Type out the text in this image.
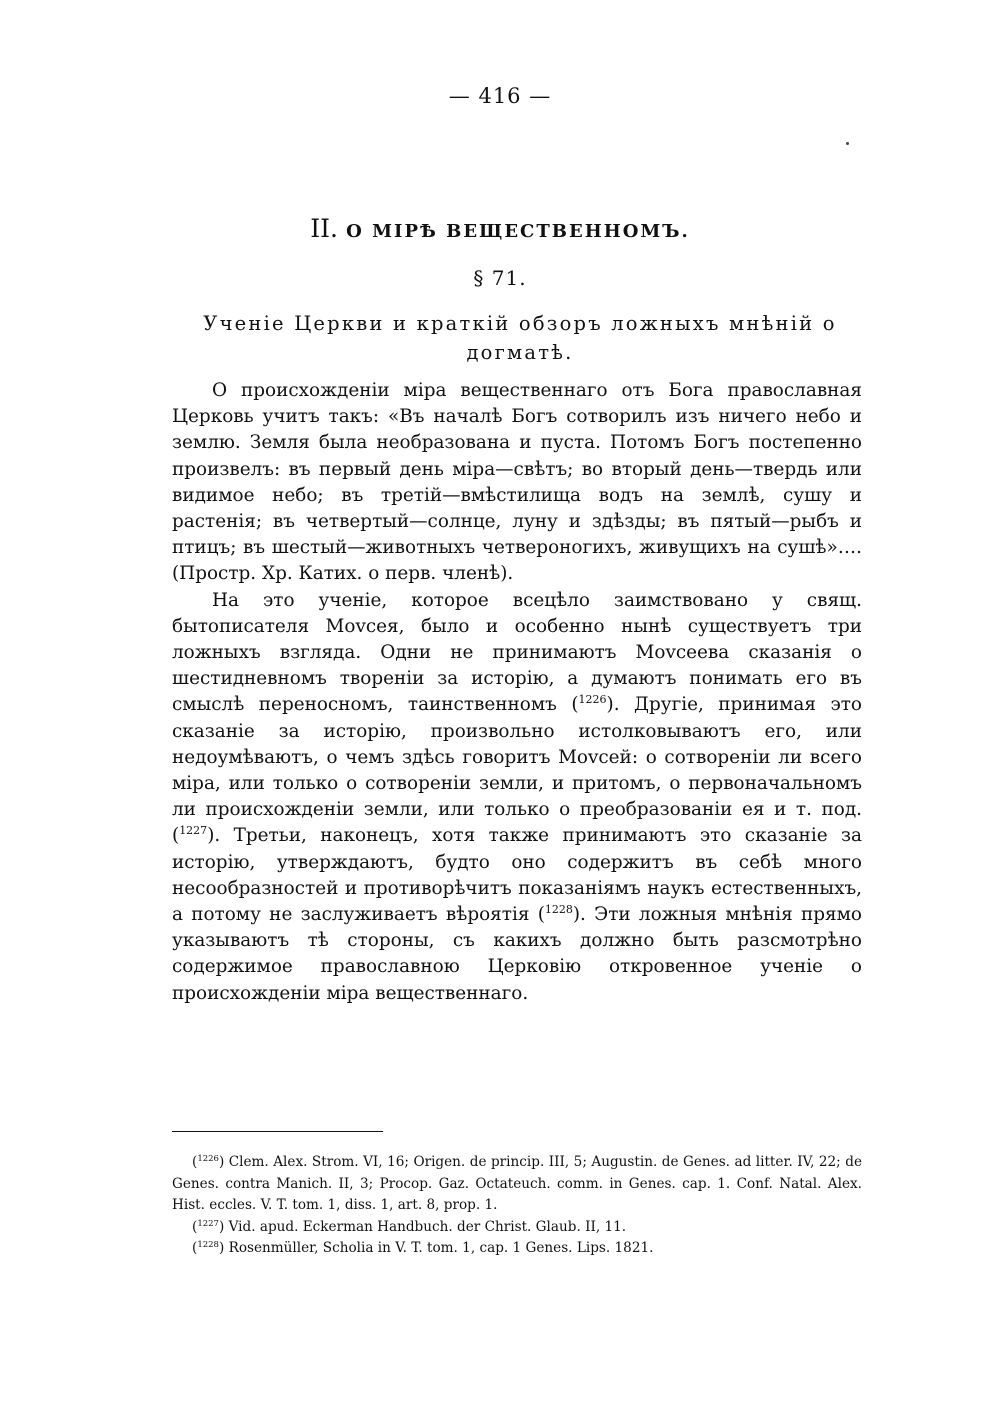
— 416 —
II. О МІРѢ ВЕЩЕСТВЕННОМЪ.
§ 71.
Ученіе Церкви и краткій обзоръ ложныхъ мнѣній о догматѣ.

О происхожденіи міра вещественнаго отъ Бога православная Церковь учитъ такъ: «Въ началѣ Богъ сотворилъ изъ ничего небо и землю. Земля была необразована и пуста. Потомъ Богъ постепенно произвелъ: въ первый день міра—свѣтъ; во вторый день—твердь или видимое небо; въ третій—вмѣстилища водъ на землѣ, сушу и растенія; въ четвертый—солнце, луну и здѣзды; въ пятый—рыбъ и птицъ; въ шестый—животныхъ четвероногихъ, живущихъ на сушѣ»…. (Простр. Хр. Катих. о перв. членѣ).

На это ученіе, которое всецѣло заимствовано у свящ. бытописателя Моvсея, было и особенно нынѣ существуетъ три ложныхъ взгляда. Одни не принимаютъ Моvсеева сказанія о шестидневномъ твореніи за исторію, а думаютъ понимать его въ смыслѣ переносномъ, таинственномъ ($^{1226}$). Другіе, принимая это сказаніе за исторію, произвольно истолковываютъ его, или недоумѣваютъ, о чемъ здѣсь говоритъ Моvсей: о сотвореніи ли всего міра, или только о сотвореніи земли, и притомъ, о первоначальномъ ли происхожденіи земли, или только о преобразованіи ея и т. под. ($^{1227}$). Третьи, наконецъ, хотя также принимаютъ это сказаніе за исторію, утверждаютъ, будто оно содержитъ въ себѣ много несообразностей и противорѣчитъ показаніямъ наукъ естественныхъ, а потому не заслуживаетъ вѣроятія ($^{1228}$). Эти ложныя мнѣнія прямо указываютъ тѣ стороны, съ какихъ должно быть разсмотрѣно содержимое православною Церковію откровенное ученіе о происхожденіи міра вещественнаго.

($^{1226}$) Clem. Alex. Strom. VI, 16; Origen. de princip. III, 5; Augustin. de Genes. ad litter. IV, 22; de Genes. contra Manich. II, 3; Procop. Gaz. Octateuch. comm. in Genes. cap. 1. Conf. Natal. Alex. Hist. eccles. V. T. tom. 1, diss. 1, art. 8, prop. 1.

($^{1227}$) Vid. apud. Eckerman Handbuch. der Christ. Glaub. II, 11.

($^{1228}$) Rosenmüller, Scholia in V. T. tom. 1, cap. 1 Genes. Lips. 1821.
